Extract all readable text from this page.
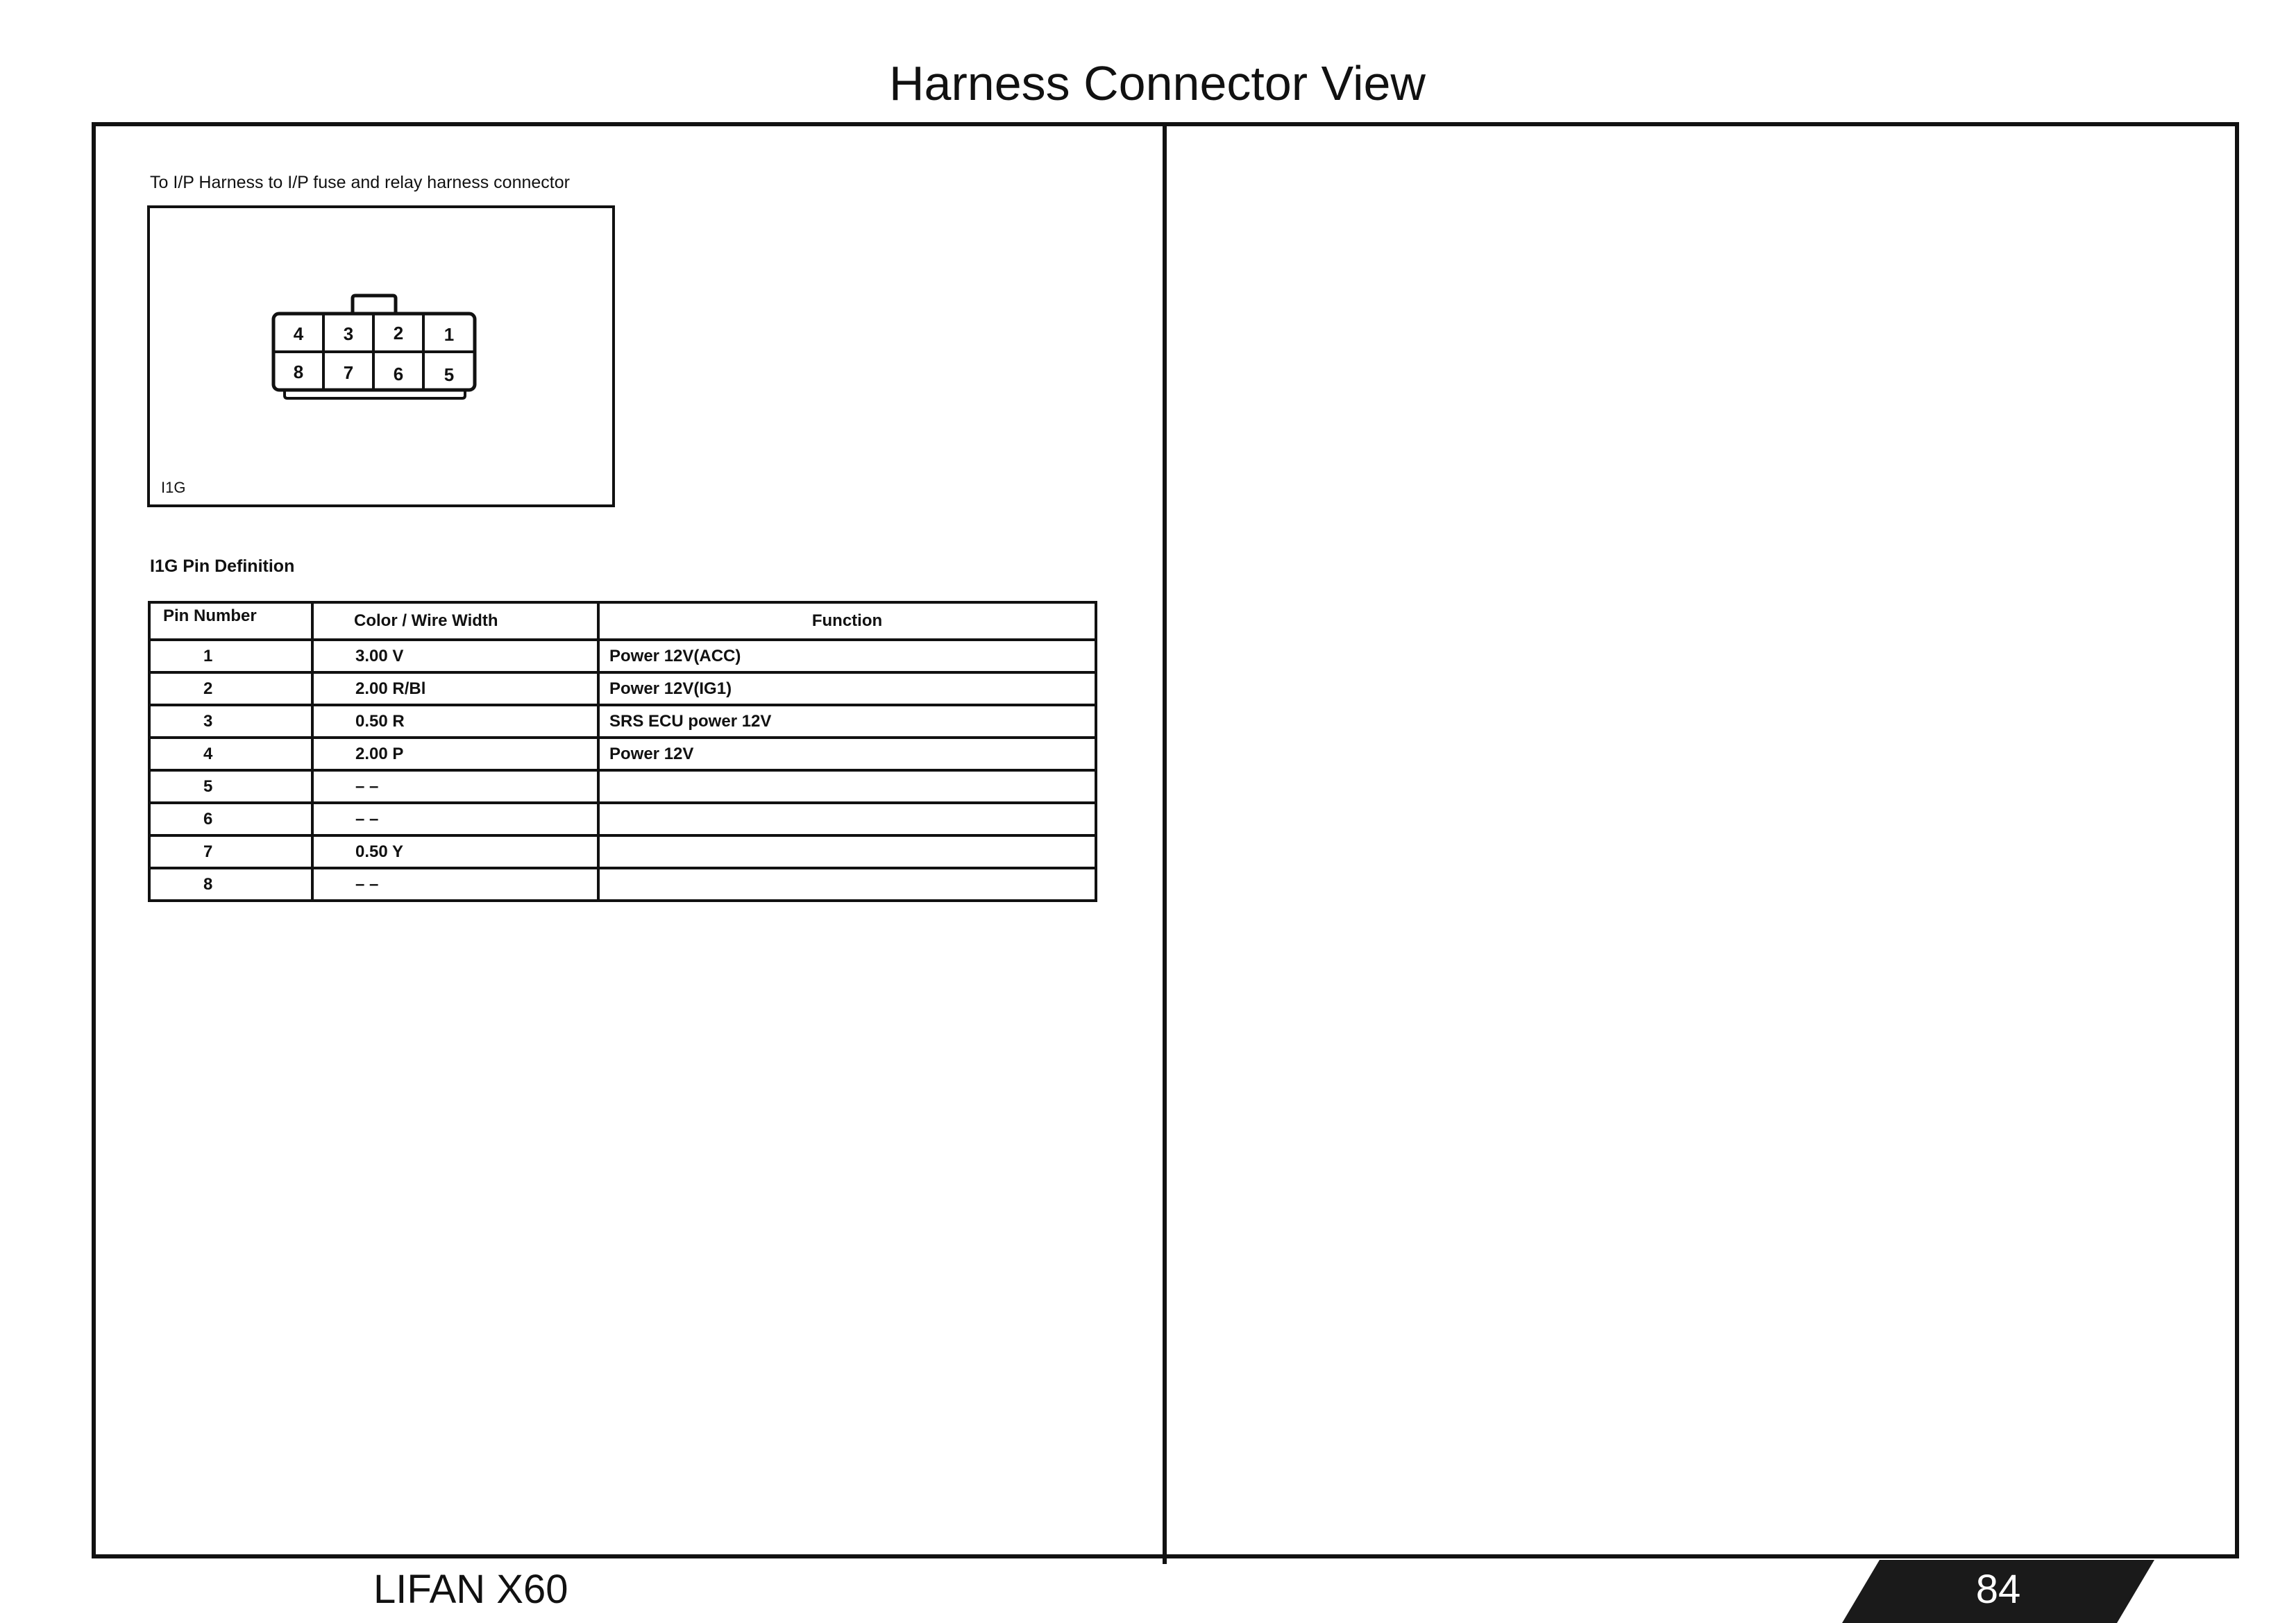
Harness Connector View
To I/P Harness to I/P fuse and relay harness connector
I1G
4 3 2 1
8 7 6 5
I1G Pin Definition
Pin Number	Color / Wire Width	Function
1	3.00 V	Power 12V(ACC)
2	2.00 R/Bl	Power 12V(IG1)
3	0.50 R	SRS ECU power 12V
4	2.00 P	Power 12V
5	– –	
6	– –	
7	0.50 Y	
8	– –	
LIFAN X60	84
